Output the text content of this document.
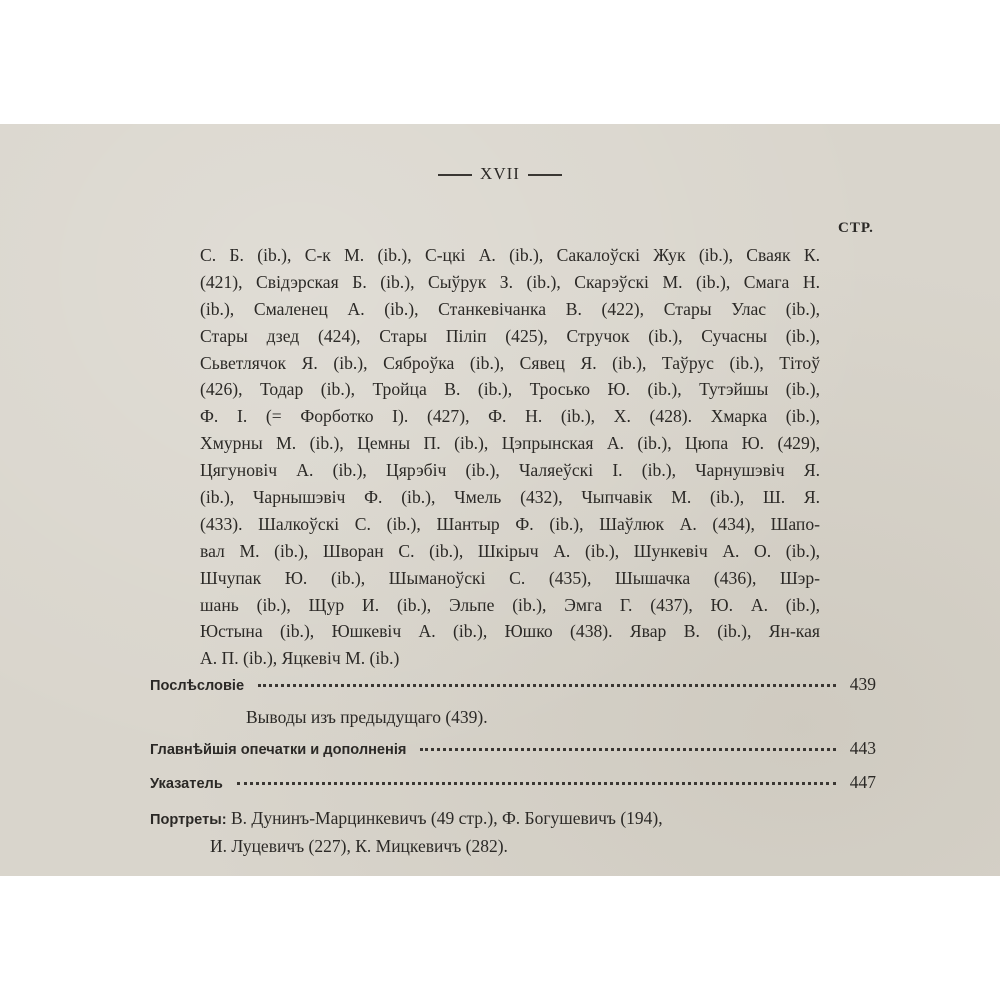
XVII
СТР.
С. Б. (ib.), С-к М. (ib.), С-цкі А. (ib.), Сакалоўскі Жук (ib.), Сваяк К.
(421), Свідэрская Б. (ib.), Сыўрук З. (ib.), Скарэўскі М. (ib.), Смага Н.
(ib.), Смаленец А. (ib.), Станкевічанка В. (422), Стары Улас (ib.),
Стары дзед (424), Стары Піліп (425), Стручок (ib.), Сучасны (ib.),
Сьветлячок Я. (ib.), Сяброўка (ib.), Сявец Я. (ib.), Таўрус (ib.), Тітоў
(426), Тодар (ib.), Тройца В. (ib.), Тросько Ю. (ib.), Тутэйшы (ib.),
Ф. І. (= Форботко І). (427), Ф. Н. (ib.), Х. (428). Хмарка (ib.),
Хмурны М. (ib.), Цемны П. (ib.), Цэпрынская А. (ib.), Цюпа Ю. (429),
Цягуновіч А. (ib.), Цярэбіч (ib.), Чаляеўскі І. (ib.), Чарнушэвіч Я.
(ib.), Чарнышэвіч Ф. (ib.), Чмель (432), Чыпчавік М. (ib.), Ш. Я.
(433). Шалкоўскі С. (ib.), Шантыр Ф. (ib.), Шаўлюк А. (434), Шапо-
вал М. (ib.), Шворан С. (ib.), Шкірыч А. (ib.), Шункевіч А. О. (ib.),
Шчупак Ю. (ib.), Шыманоўскі С. (435), Шышачка (436), Шэр-
шань (ib.), Щур И. (ib.), Эльпе (ib.), Эмга Г. (437), Ю. А. (ib.),
Юстына (ib.), Юшкевіч А. (ib.), Юшко (438). Явар В. (ib.), Ян-кая
А. П. (ib.), Яцкевіч М. (ib.)
Послѣсловіе	439
Выводы изъ предыдущаго (439).
Главнѣйшія опечатки и дополненія	443
Указатель	447
Портреты: В. Дунинъ-Марцинкевичъ (49 стр.), Ф. Богушевичъ (194),
И. Луцевичъ (227), К. Мицкевичъ (282).
